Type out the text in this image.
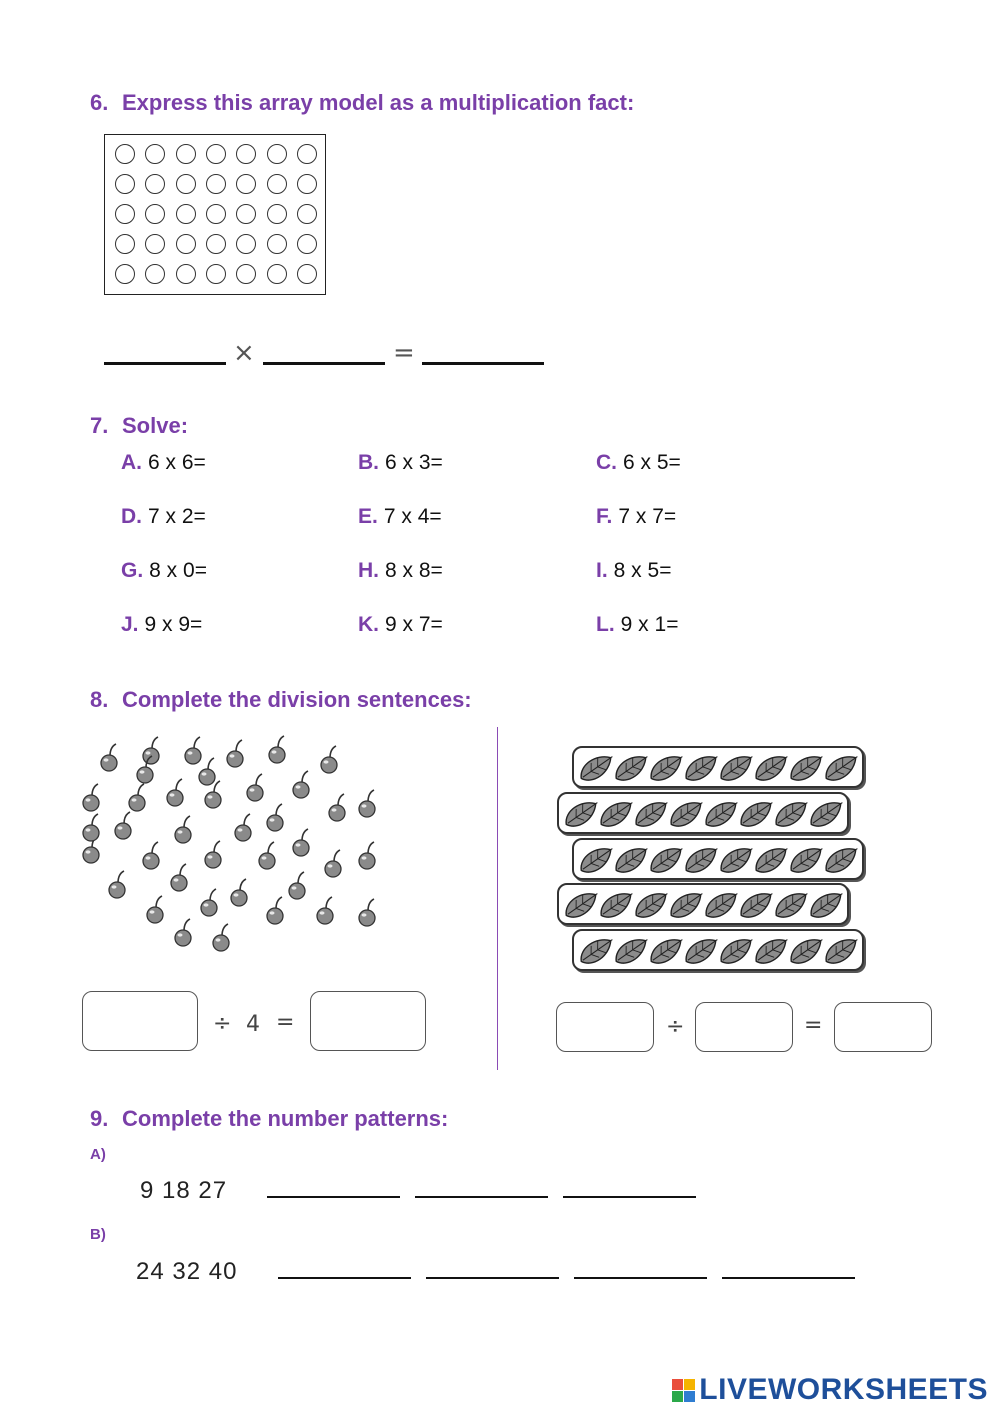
6. Express this array model as a multiplication fact:
×	=
7. Solve:
A. 6 x 6=	B. 6 x 3=	C. 6 x 5=
D. 7 x 2=	E. 7 x 4=	F. 7 x 7=
G. 8 x 0=	H. 8 x 8=	I. 8 x 5=
J. 9 x 9=	K. 9 x 7=	L. 9 x 1=
8. Complete the division sentences:
÷ 4 =	÷	=
9. Complete the number patterns:
A)
9 18 27
B)
24 32 40
LIVEWORKSHEETS
